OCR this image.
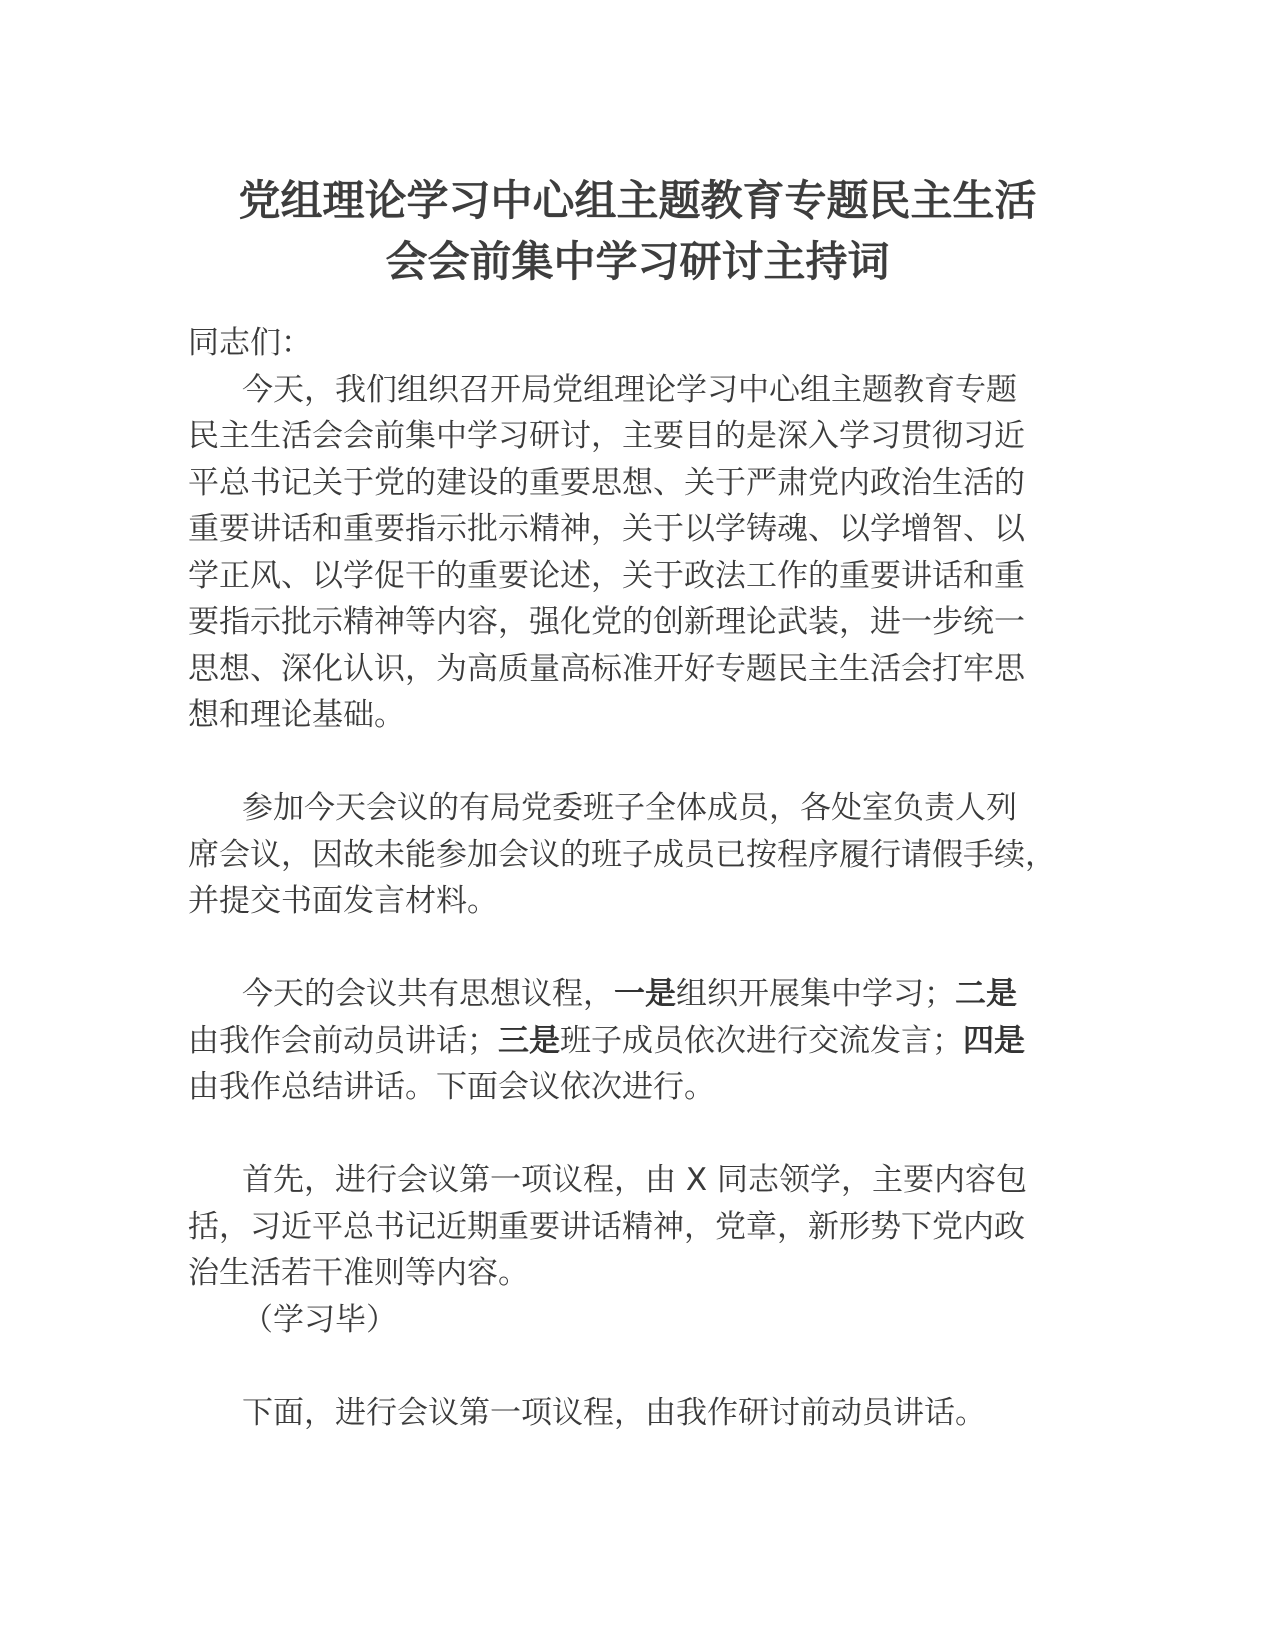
党组理论学习中心组主题教育专题民主生活
会会前集中学习研讨主持词
同志们：
今天，我们组织召开局党组理论学习中心组主题教育专题
民主生活会会前集中学习研讨，主要目的是深入学习贯彻习近
平总书记关于党的建设的重要思想、关于严肃党内政治生活的
重要讲话和重要指示批示精神，关于以学铸魂、以学增智、以
学正风、以学促干的重要论述，关于政法工作的重要讲话和重
要指示批示精神等内容，强化党的创新理论武装，进一步统一
思想、深化认识，为高质量高标准开好专题民主生活会打牢思
想和理论基础。
参加今天会议的有局党委班子全体成员，各处室负责人列
席会议，因故未能参加会议的班子成员已按程序履行请假手续，
并提交书面发言材料。
今天的会议共有思想议程，一是组织开展集中学习；二是
由我作会前动员讲话；三是班子成员依次进行交流发言；四是
由我作总结讲话。下面会议依次进行。
首先，进行会议第一项议程，由 X 同志领学，主要内容包
括，习近平总书记近期重要讲话精神，党章，新形势下党内政
治生活若干准则等内容。
（学习毕）
下面，进行会议第一项议程，由我作研讨前动员讲话。
